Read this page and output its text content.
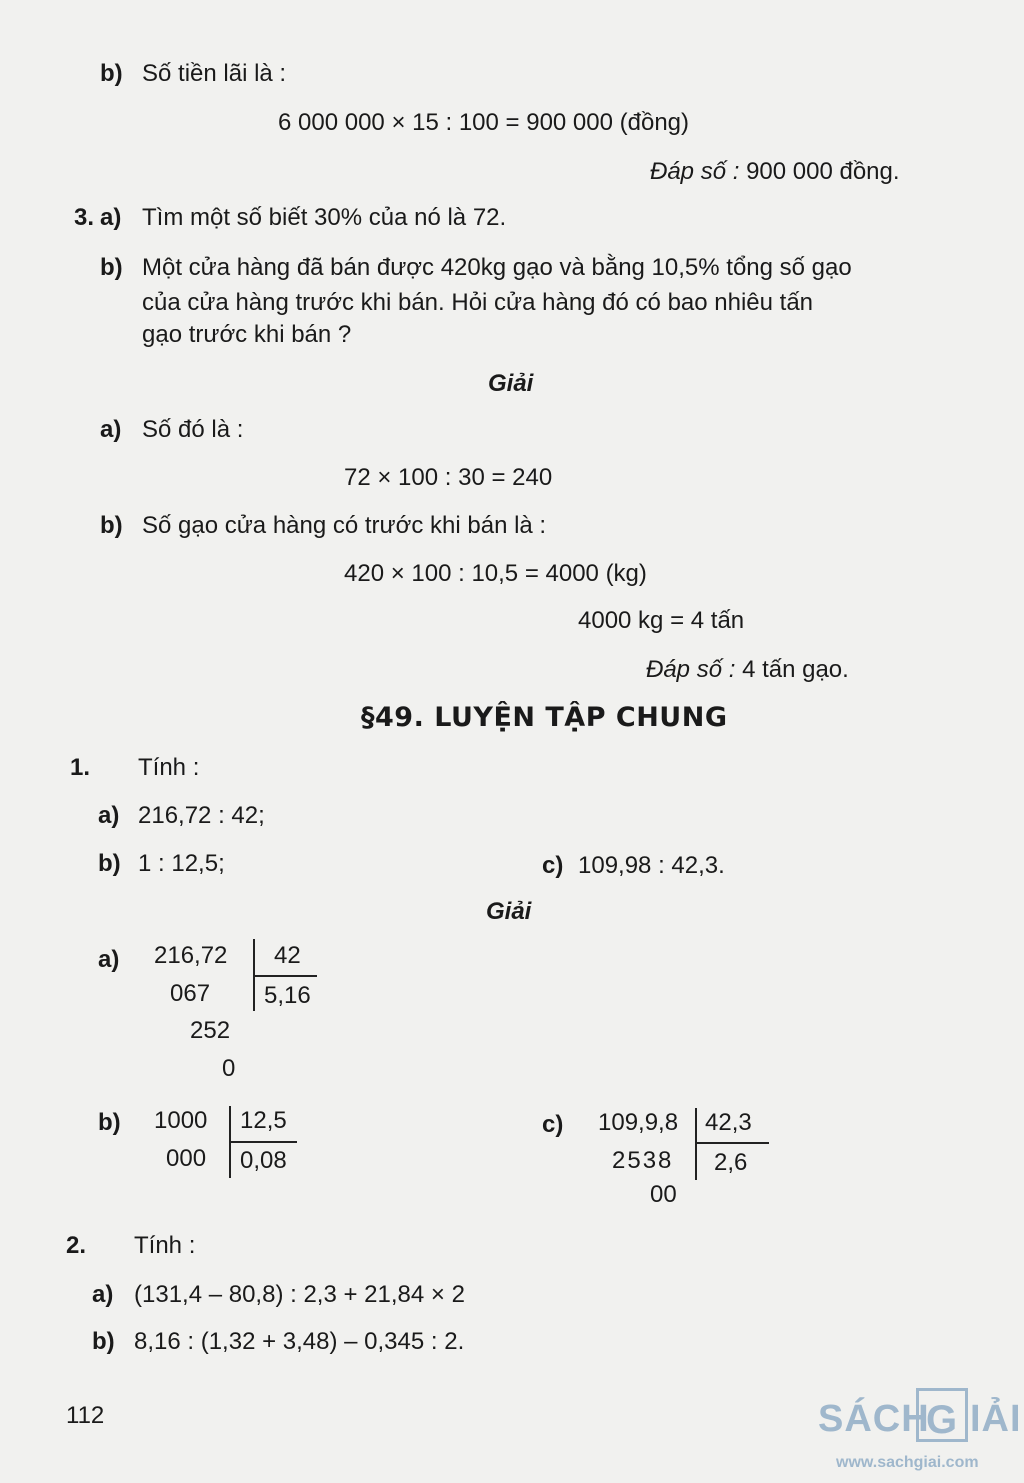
b) Số tiền lãi là :
6 000 000 × 15 : 100 = 900 000 (đồng)
Đáp số : 900 000 đồng.
3. a) Tìm một số biết 30% của nó là 72.
b) Một cửa hàng đã bán được 420kg gạo và bằng 10,5% tổng số gạo
của cửa hàng trước khi bán. Hỏi cửa hàng đó có bao nhiêu tấn
gạo trước khi bán ?
Giải
a) Số đó là :
72 × 100 : 30 = 240
b) Số gạo cửa hàng có trước khi bán là :
420 × 100 : 10,5 = 4000 (kg)
4000 kg = 4 tấn
Đáp số : 4 tấn gạo.
§49. LUYỆN TẬP CHUNG
1. Tính :
a) 216,72 : 42;
b) 1 : 12,5;	c) 109,98 : 42,3.
Giải
a) 216,72 42
5,16
067
252
0
b) 1000 12,5
0,08
000
c) 109,9,8 42,3
2,6
2538
00
2. Tính :
a) (131,4 – 80,8) : 2,3 + 21,84 × 2
b) 8,16 : (1,32 + 3,48) – 0,345 : 2.
112	SÁCH
G IẢI
www.sachgiai.com
